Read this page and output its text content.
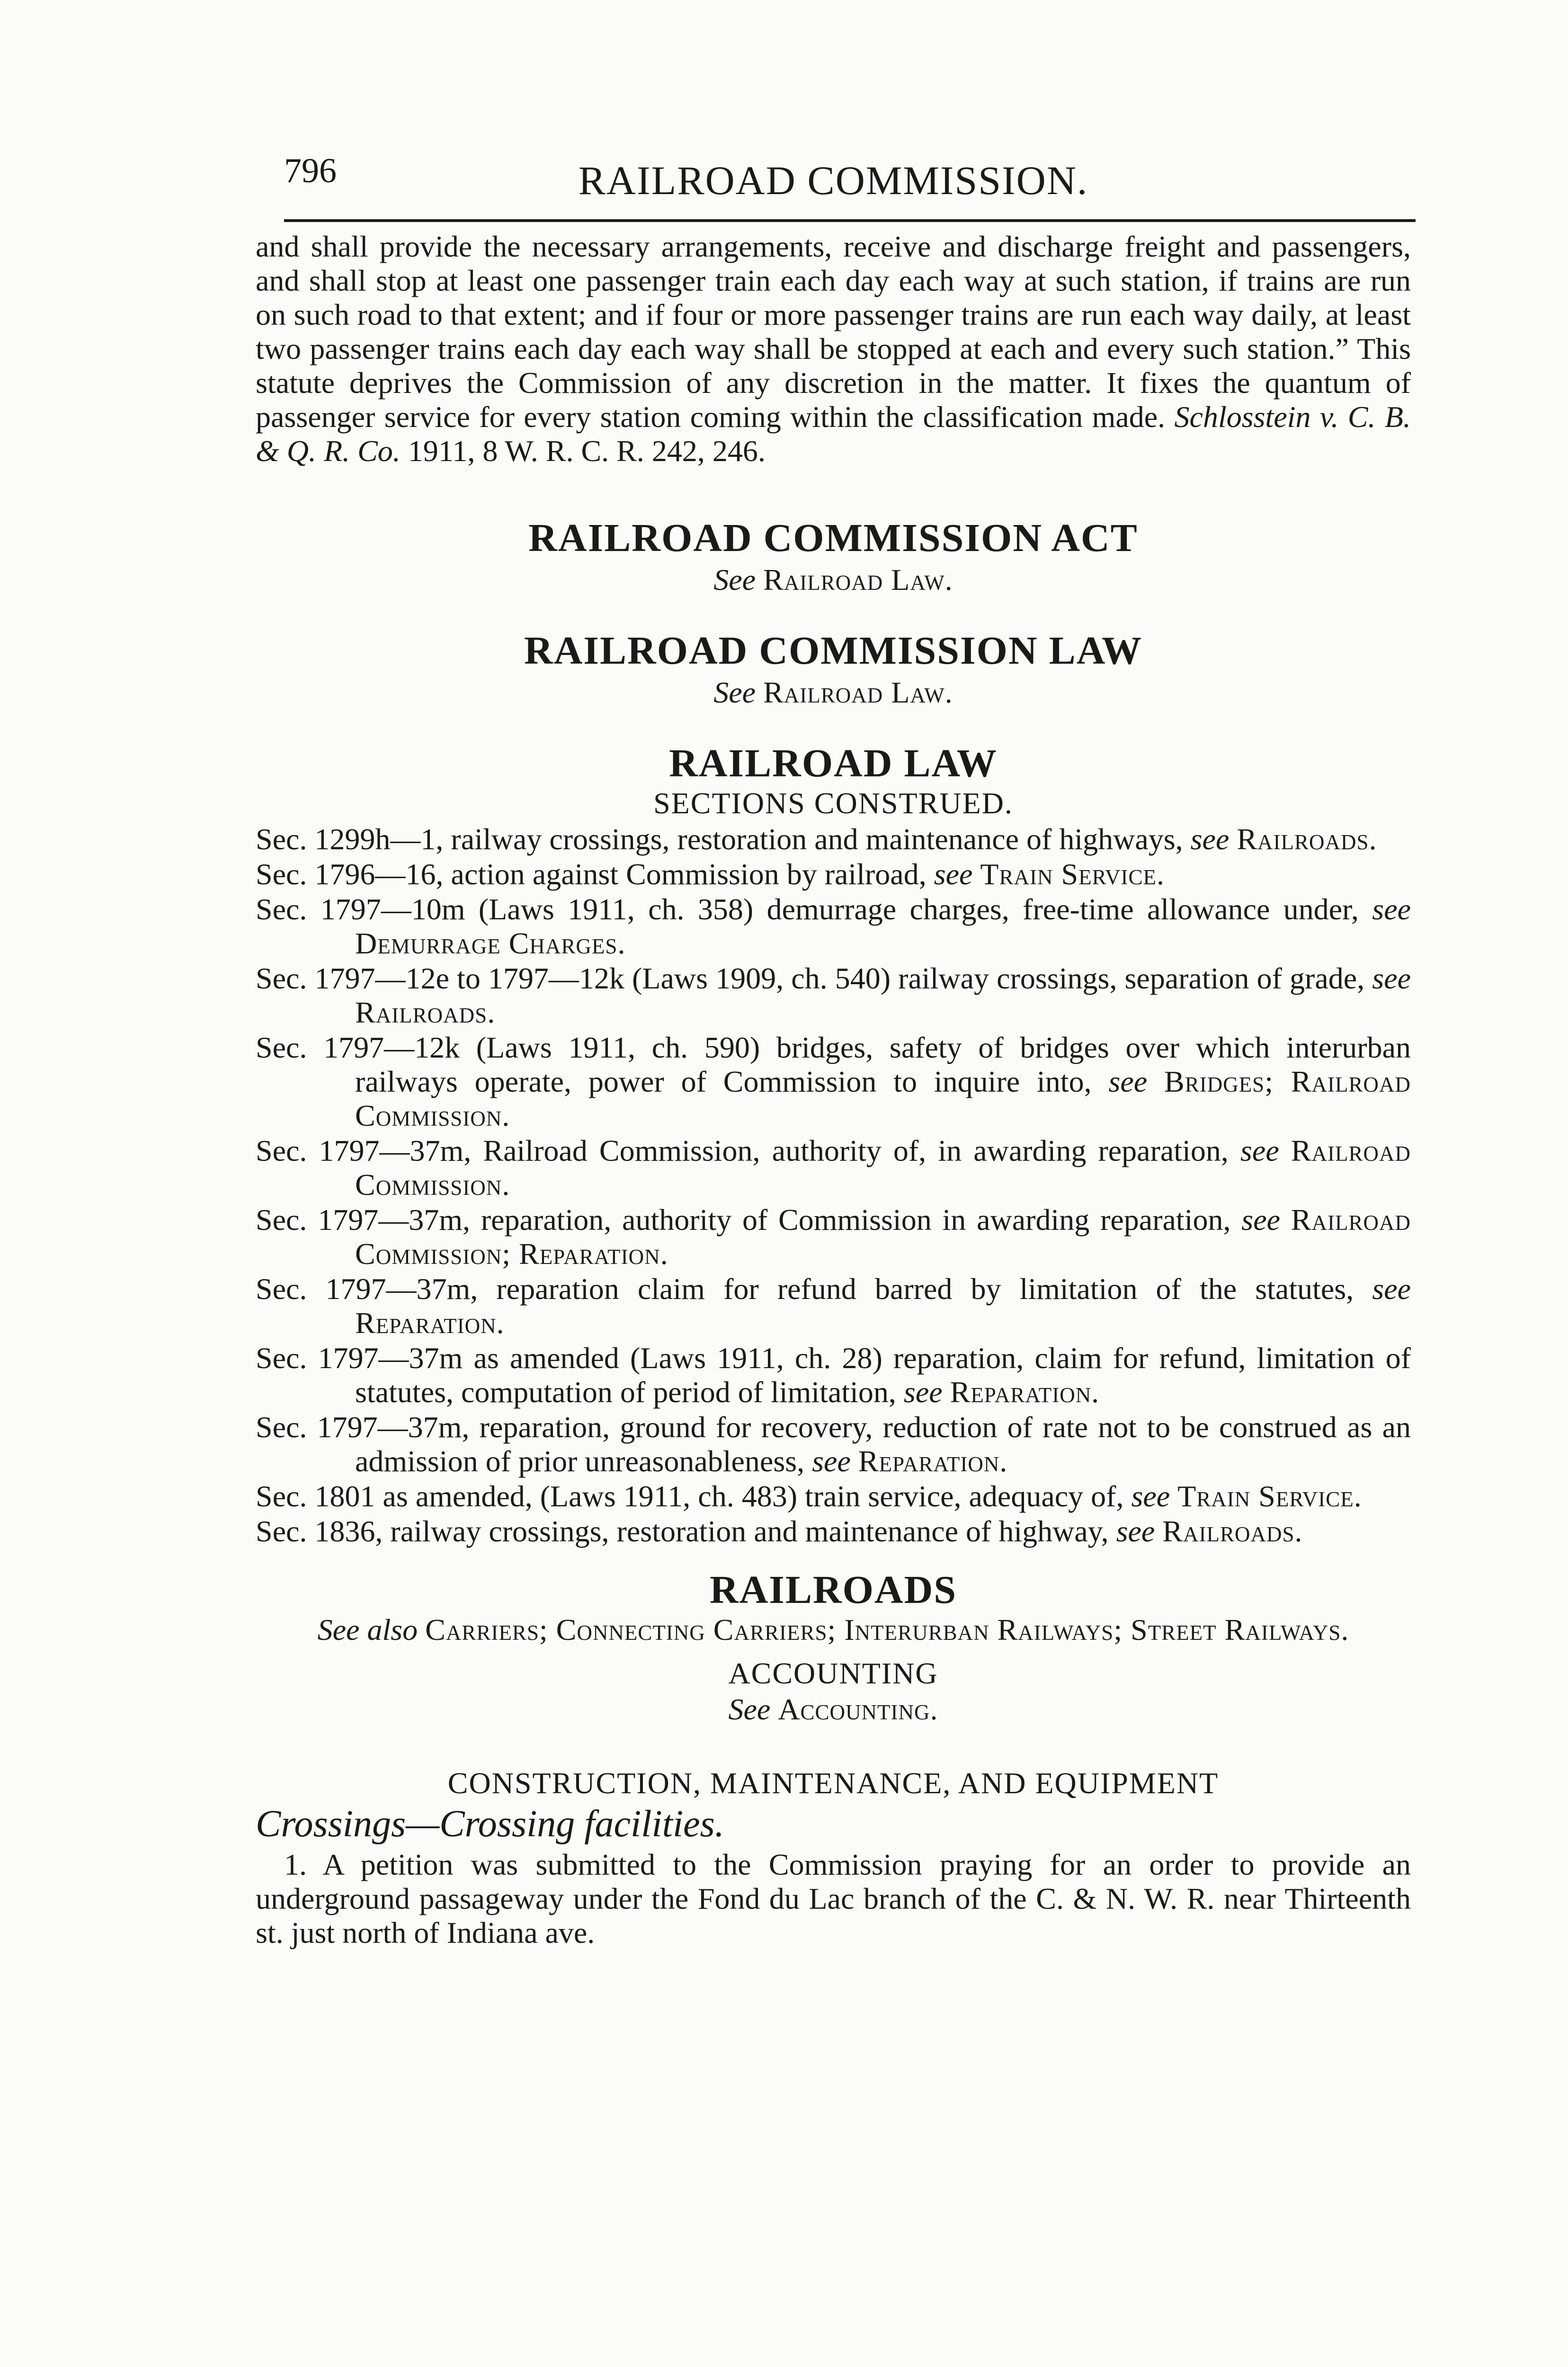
796	RAILROAD COMMISSION.

and shall provide the necessary arrangements, receive and discharge freight and passengers, and shall stop at least one passenger train each day each way at such station, if trains are run on such road to that extent; and if four or more passenger trains are run each way daily, at least two passenger trains each day each way shall be stopped at each and every such station.” This statute deprives the Commission of any discretion in the matter. It fixes the quantum of passenger service for every station coming within the classification made. Schlosstein v. C. B. & Q. R. Co. 1911, 8 W. R. C. R. 242, 246.

RAILROAD COMMISSION ACT
See Railroad Law.
RAILROAD COMMISSION LAW
See Railroad Law.
RAILROAD LAW
SECTIONS CONSTRUED.
Sec. 1299h—1, railway crossings, restoration and maintenance of highways, see Railroads.
Sec. 1796—16, action against Commission by railroad, see Train Service.
Sec. 1797—10m (Laws 1911, ch. 358) demurrage charges, free-time allowance under, see Demurrage Charges.
Sec. 1797—12e to 1797—12k (Laws 1909, ch. 540) railway crossings, separation of grade, see Railroads.
Sec. 1797—12k (Laws 1911, ch. 590) bridges, safety of bridges over which interurban railways operate, power of Commission to inquire into, see Bridges; Railroad Commission.
Sec. 1797—37m, Railroad Commission, authority of, in awarding reparation, see Railroad Commission.
Sec. 1797—37m, reparation, authority of Commission in awarding reparation, see Railroad Commission; Reparation.
Sec. 1797—37m, reparation claim for refund barred by limitation of the statutes, see Reparation.
Sec. 1797—37m as amended (Laws 1911, ch. 28) reparation, claim for refund, limitation of statutes, computation of period of limitation, see Reparation.
Sec. 1797—37m, reparation, ground for recovery, reduction of rate not to be construed as an admission of prior unreasonableness, see Reparation.
Sec. 1801 as amended, (Laws 1911, ch. 483) train service, adequacy of, see Train Service.
Sec. 1836, railway crossings, restoration and maintenance of highway, see Railroads.
RAILROADS
See also Carriers; Connecting Carriers; Interurban Railways; Street Railways.
ACCOUNTING
See Accounting.
CONSTRUCTION, MAINTENANCE, AND EQUIPMENT
Crossings—Crossing facilities.

1. A petition was submitted to the Commission praying for an order to provide an underground passageway under the Fond du Lac branch of the C. & N. W. R. near Thirteenth st. just north of Indiana ave.
